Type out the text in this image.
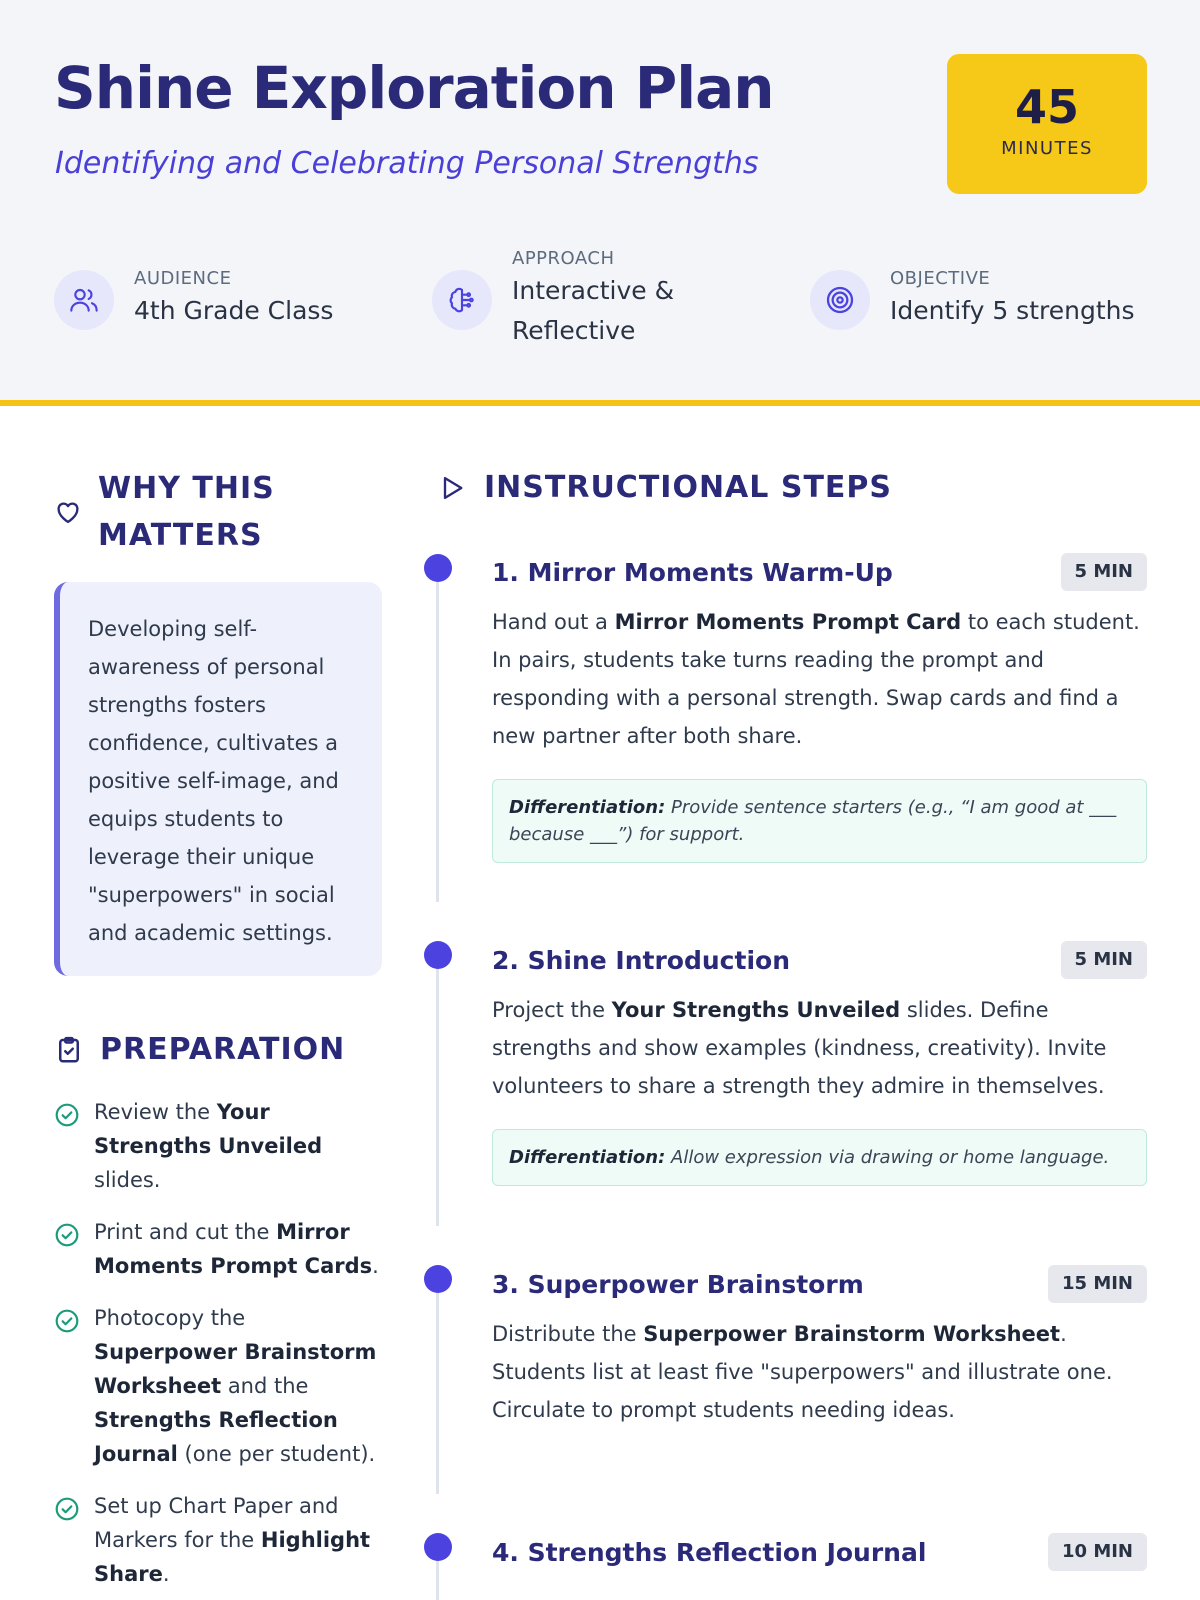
Shine Exploration Plan
Identifying and Celebrating Personal Strengths
45
MINUTES
AUDIENCE
4th Grade Class
APPROACH
Interactive &
Reflective
OBJECTIVE
Identify 5 strengths
WHY THIS
MATTERS
Developing self-awareness of personal strengths fosters confidence, cultivates a positive self-image, and equips students to leverage their unique "superpowers" in social and academic settings.
PREPARATION
Review the Your Strengths Unveiled slides.
Print and cut the Mirror Moments Prompt Cards.
Photocopy the Superpower Brainstorm Worksheet and the Strengths Reflection Journal (one per student).
Set up Chart Paper and Markers for the Highlight Share.
INSTRUCTIONAL STEPS
1. Mirror Moments Warm-Up	5 MIN
Hand out a Mirror Moments Prompt Card to each student. In pairs, students take turns reading the prompt and responding with a personal strength. Swap cards and find a new partner after both share.
Differentiation: Provide sentence starters (e.g., “I am good at ___ because ___”) for support.
2. Shine Introduction	5 MIN
Project the Your Strengths Unveiled slides. Define strengths and show examples (kindness, creativity). Invite volunteers to share a strength they admire in themselves.
Differentiation: Allow expression via drawing or home language.
3. Superpower Brainstorm	15 MIN
Distribute the Superpower Brainstorm Worksheet. Students list at least five "superpowers" and illustrate one. Circulate to prompt students needing ideas.
4. Strengths Reflection Journal	10 MIN
